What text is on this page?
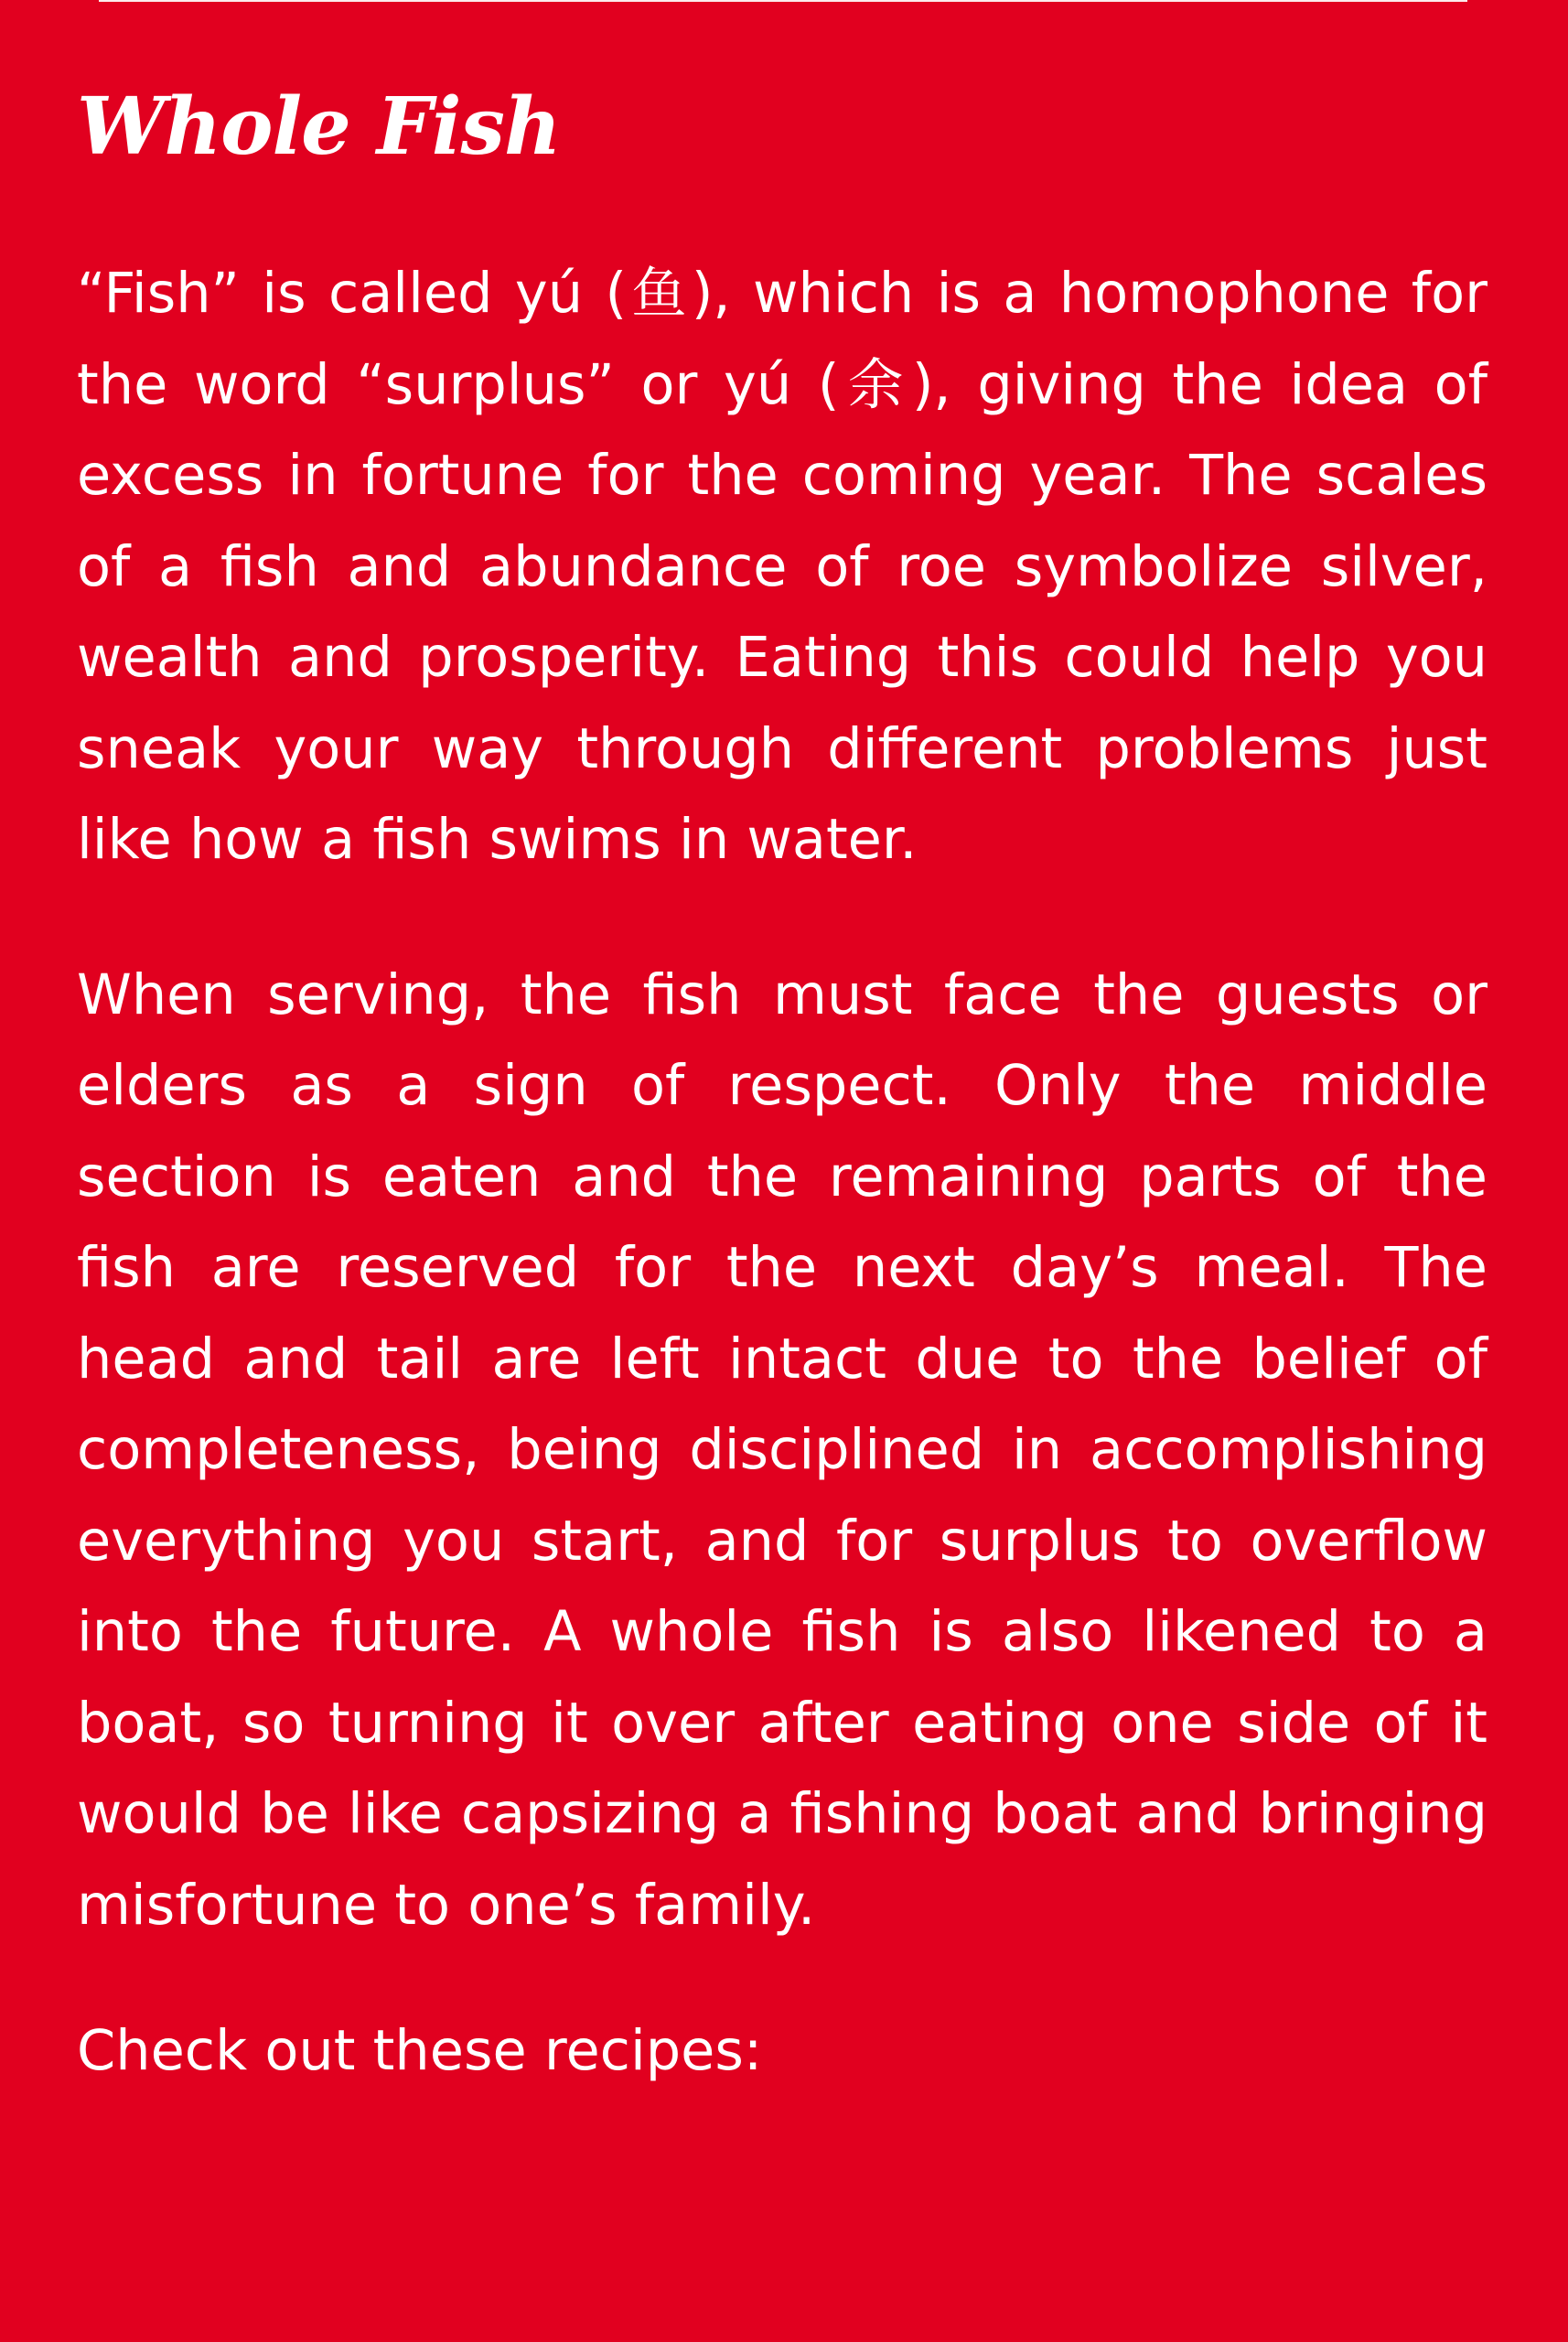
Whole Fish

“Fish” is called yú (鱼), which is a homophone for the word “surplus” or yú (余), giving the idea of excess in fortune for the coming year. The scales of a fish and abundance of roe symbolize silver, wealth and prosperity. Eating this could help you sneak your way through different problems just like how a fish swims in water.

When serving, the fish must face the guests or elders as a sign of respect. Only the middle section is eaten and the remaining parts of the fish are reserved for the next day’s meal. The head and tail are left intact due to the belief of completeness, being disciplined in accomplishing everything you start, and for surplus to overflow into the future. A whole fish is also likened to a boat, so turning it over after eating one side of it would be like capsizing a fishing boat and bringing misfortune to one’s family.

Check out these recipes:
